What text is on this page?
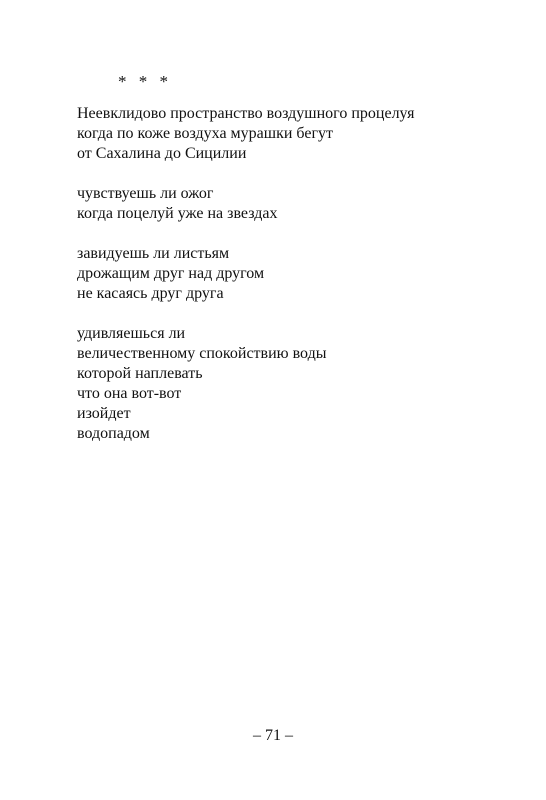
* * *
Неевклидово пространство воздушного процелуя
когда по коже воздуха мурашки бегут
от Сахалина до Сицилии
чувствуешь ли ожог
когда поцелуй уже на звездах
завидуешь ли листьям
дрожащим друг над другом
не касаясь друг друга
удивляешься ли
величественному спокойствию воды
которой наплевать
что она вот-вот
изойдет
водопадом
– 71 –
